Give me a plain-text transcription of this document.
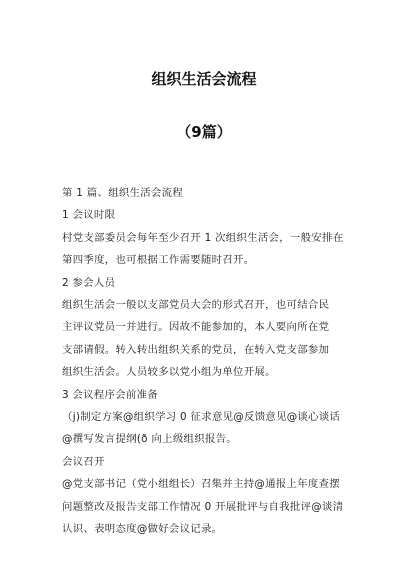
组织生活会流程
（9篇）

第 1 篇、组织生活会流程

1 会议时限

村党支部委员会每年至少召开 1 次组织生活会，一般安排在

第四季度，也可根据工作需要随时召开。

2 参会人员

组织生活会一般以支部党员大会的形式召开，也可结合民

主评议党员一并进行。因故不能参加的，本人要向所在党

支部请假。转入转出组织关系的党员，在转入党支部参加

组织生活会。人员较多以党小组为单位开展。

3 会议程序会前准备

（j)制定方案@组织学习 0 征求意见@反馈意见@谈心谈话

@撰写发言提纲(ð 向上级组织报告。

会议召开

@党支部书记（党小组组长）召集并主持@通报上年度查摆

问题整改及报告支部工作情况 0 开展批评与自我批评@谈清

认识、表明态度@做好会议记录。
